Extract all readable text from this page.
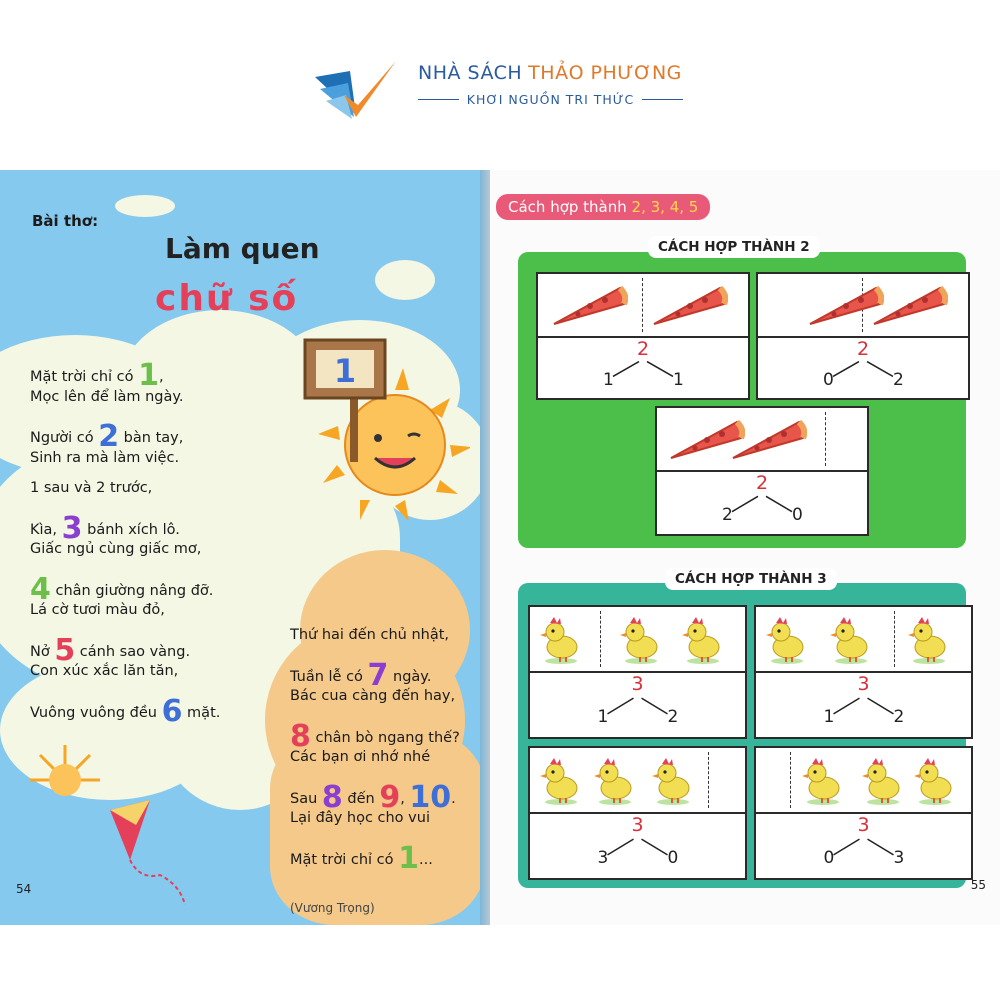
NHÀ SÁCH THẢO PHƯƠNG
KHƠI NGUỒN TRI THỨC
Bài thơ:
Làm quen
chữ số
1
Mặt trời chỉ có 1,
Mọc lên để làm ngày.
Người có 2 bàn tay,
Sinh ra mà làm việc.
1 sau và 2 trước,
Kìa, 3 bánh xích lô.
Giấc ngủ cùng giấc mơ,
4 chân giường nâng đỡ.
Lá cờ tươi màu đỏ,
Nở 5 cánh sao vàng.
Con xúc xắc lăn tăn,
Vuông vuông đều 6 mặt.
Thứ hai đến chủ nhật,
Tuần lễ có 7 ngày.
Bác cua càng đến hay,
8 chân bò ngang thế?
Các bạn ơi nhớ nhé
Sau 8 đến 9, 10.
Lại đây học cho vui
Mặt trời chỉ có 1...
(Vương Trọng)
54
Cách hợp thành 2, 3, 4, 5
CÁCH HỢP THÀNH 2
CÁCH HỢP THÀNH 3
2
1	1
2
0	2
2
2	0
3
1	2
3
1	2
3
3	0
3
0	3
55
